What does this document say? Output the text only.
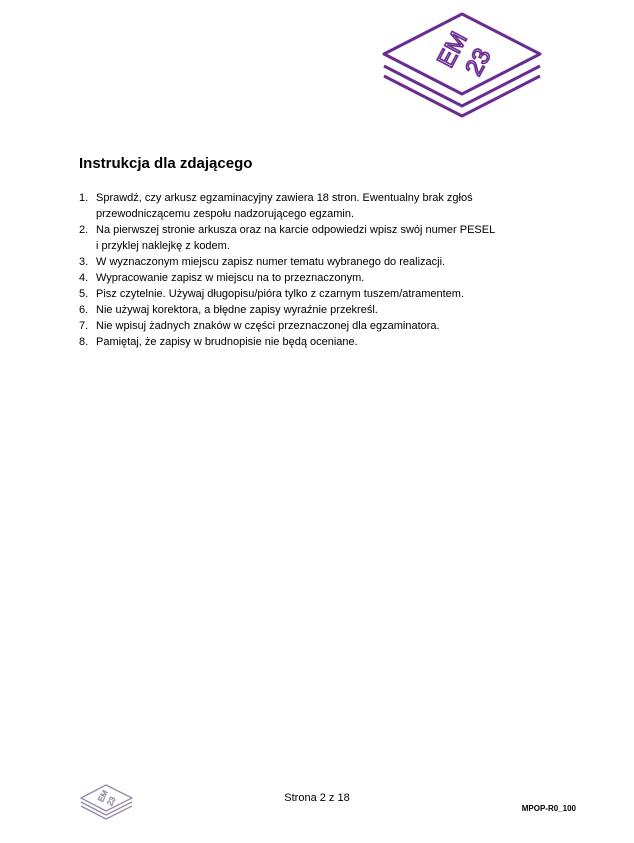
EM
23
Instrukcja dla zdającego
1. Sprawdź, czy arkusz egzaminacyjny zawiera 18 stron. Ewentualny brak zgłoś
przewodniczącemu zespołu nadzorującego egzamin.
2. Na pierwszej stronie arkusza oraz na karcie odpowiedzi wpisz swój numer PESEL
i przyklej naklejkę z kodem.
3. W wyznaczonym miejscu zapisz numer tematu wybranego do realizacji.
4. Wypracowanie zapisz w miejscu na to przeznaczonym.
5. Pisz czytelnie. Używaj długopisu/pióra tylko z czarnym tuszem/atramentem.
6. Nie używaj korektora, a błędne zapisy wyraźnie przekreśl.
7. Nie wpisuj żadnych znaków w części przeznaczonej dla egzaminatora.
8. Pamiętaj, że zapisy w brudnopisie nie będą oceniane.
EM
23	Strona 2 z 18
MPOP-R0_100
